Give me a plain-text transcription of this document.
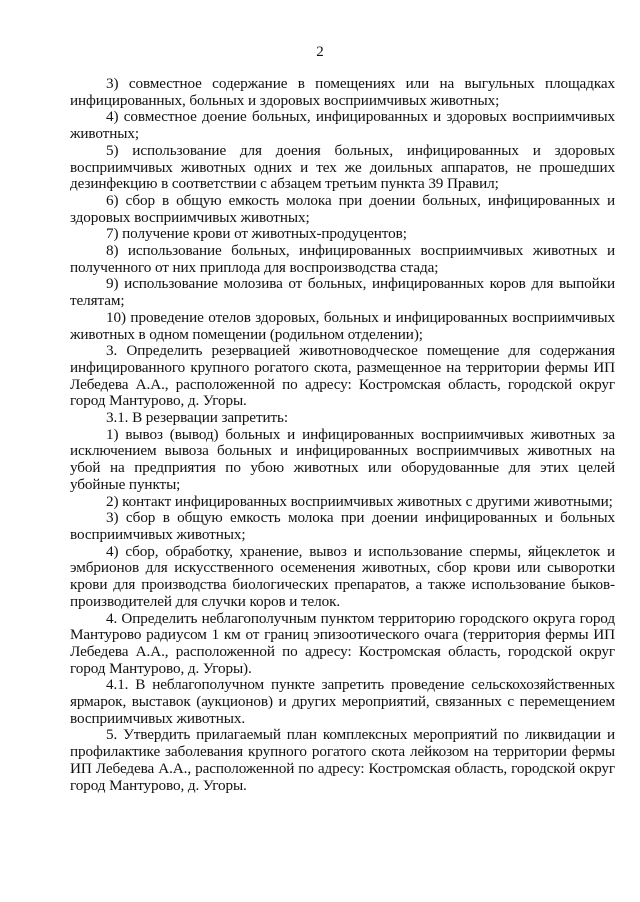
2

3) совместное содержание в помещениях или на выгульных площадках инфицированных, больных и здоровых восприимчивых животных;

4) совместное доение больных, инфицированных и здоровых восприимчивых животных;

5) использование для доения больных, инфицированных и здоровых восприимчивых животных одних и тех же доильных аппаратов, не прошедших дезинфекцию в соответствии с абзацем третьим пункта 39 Правил;

6) сбор в общую емкость молока при доении больных, инфицированных и здоровых восприимчивых животных;

7) получение крови от животных-продуцентов;

8) использование больных, инфицированных восприимчивых животных и полученного от них приплода для воспроизводства стада;

9) использование молозива от больных, инфицированных коров для выпойки телятам;

10) проведение отелов здоровых, больных и инфицированных восприимчивых животных в одном помещении (родильном отделении);

3. Определить резервацией животноводческое помещение для содержания инфицированного крупного рогатого скота, размещенное на территории фермы ИП Лебедева А.А., расположенной по адресу: Костромская область, городской округ город Мантурово, д. Угоры.

3.1. В резервации запретить:

1) вывоз (вывод) больных и инфицированных восприимчивых животных за исключением вывоза больных и инфицированных восприимчивых животных на убой на предприятия по убою животных или оборудованные для этих целей убойные пункты;

2) контакт инфицированных восприимчивых животных с другими животными;

3) сбор в общую емкость молока при доении инфицированных и больных восприимчивых животных;

4) сбор, обработку, хранение, вывоз и использование спермы, яйцеклеток и эмбрионов для искусственного осеменения животных, сбор крови или сыворотки крови для производства биологических препаратов, а также использование быков-производителей для случки коров и телок.

4. Определить неблагополучным пунктом территорию городского округа город Мантурово радиусом 1 км от границ эпизоотического очага (территория фермы ИП Лебедева А.А., расположенной по адресу: Костромская область, городской округ город Мантурово, д. Угоры).

4.1. В неблагополучном пункте запретить проведение сельскохозяйственных ярмарок, выставок (аукционов) и других мероприятий, связанных с перемещением восприимчивых животных.

5. Утвердить прилагаемый план комплексных мероприятий по ликвидации и профилактике заболевания крупного рогатого скота лейкозом на территории фермы ИП Лебедева А.А., расположенной по адресу: Костромская область, городской округ город Мантурово, д. Угоры.
